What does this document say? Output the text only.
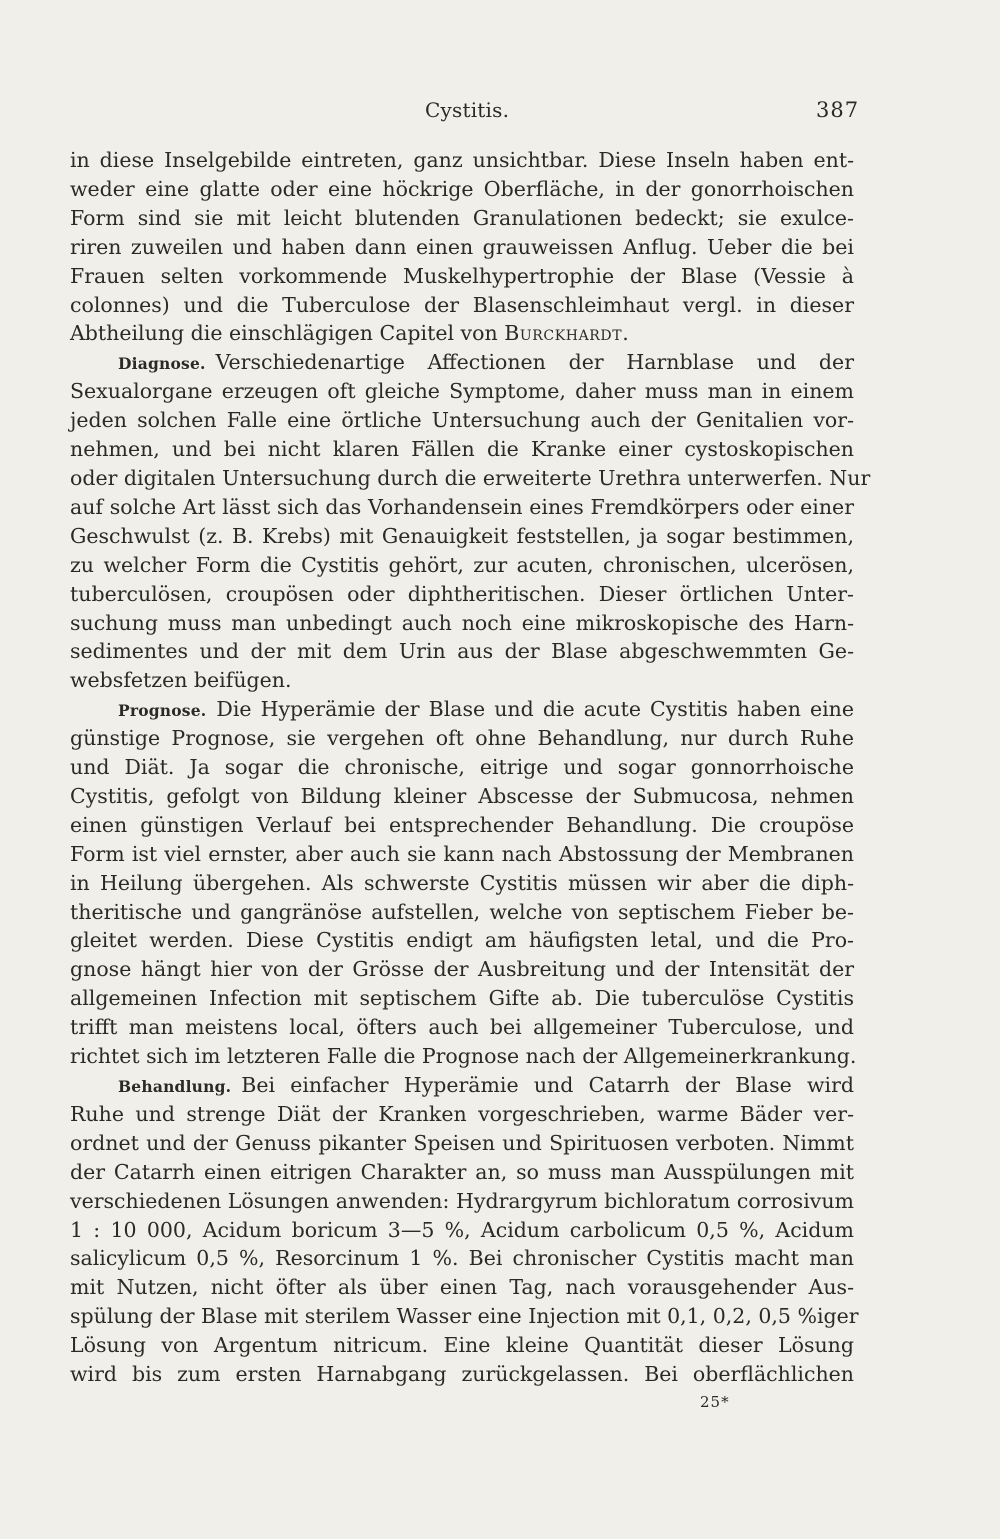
Cystitis.	387
in diese Inselgebilde eintreten, ganz unsichtbar. Diese Inseln haben ent-
weder eine glatte oder eine höckrige Oberfläche, in der gonorrhoischen
Form sind sie mit leicht blutenden Granulationen bedeckt; sie exulce-
riren zuweilen und haben dann einen grauweissen Anflug. Ueber die bei
Frauen selten vorkommende Muskelhypertrophie der Blase (Vessie à
colonnes) und die Tuberculose der Blasenschleimhaut vergl. in dieser
Abtheilung die einschlägigen Capitel von Burckhardt.
Diagnose. Verschiedenartige Affectionen der Harnblase und der
Sexualorgane erzeugen oft gleiche Symptome, daher muss man in einem
jeden solchen Falle eine örtliche Untersuchung auch der Genitalien vor-
nehmen, und bei nicht klaren Fällen die Kranke einer cystoskopischen
oder digitalen Untersuchung durch die erweiterte Urethra unterwerfen. Nur
auf solche Art lässt sich das Vorhandensein eines Fremdkörpers oder einer
Geschwulst (z. B. Krebs) mit Genauigkeit feststellen, ja sogar bestimmen,
zu welcher Form die Cystitis gehört, zur acuten, chronischen, ulcerösen,
tuberculösen, croupösen oder diphtheritischen. Dieser örtlichen Unter-
suchung muss man unbedingt auch noch eine mikroskopische des Harn-
sedimentes und der mit dem Urin aus der Blase abgeschwemmten Ge-
websfetzen beifügen.
Prognose. Die Hyperämie der Blase und die acute Cystitis haben eine
günstige Prognose, sie vergehen oft ohne Behandlung, nur durch Ruhe
und Diät. Ja sogar die chronische, eitrige und sogar gonnorrhoische
Cystitis, gefolgt von Bildung kleiner Abscesse der Submucosa, nehmen
einen günstigen Verlauf bei entsprechender Behandlung. Die croupöse
Form ist viel ernster, aber auch sie kann nach Abstossung der Membranen
in Heilung übergehen. Als schwerste Cystitis müssen wir aber die diph-
theritische und gangränöse aufstellen, welche von septischem Fieber be-
gleitet werden. Diese Cystitis endigt am häufigsten letal, und die Pro-
gnose hängt hier von der Grösse der Ausbreitung und der Intensität der
allgemeinen Infection mit septischem Gifte ab. Die tuberculöse Cystitis
trifft man meistens local, öfters auch bei allgemeiner Tuberculose, und
richtet sich im letzteren Falle die Prognose nach der Allgemeinerkrankung.
Behandlung. Bei einfacher Hyperämie und Catarrh der Blase wird
Ruhe und strenge Diät der Kranken vorgeschrieben, warme Bäder ver-
ordnet und der Genuss pikanter Speisen und Spirituosen verboten. Nimmt
der Catarrh einen eitrigen Charakter an, so muss man Ausspülungen mit
verschiedenen Lösungen anwenden: Hydrargyrum bichloratum corrosivum
1 : 10 000, Acidum boricum 3—5 %, Acidum carbolicum 0,5 %, Acidum
salicylicum 0,5 %, Resorcinum 1 %. Bei chronischer Cystitis macht man
mit Nutzen, nicht öfter als über einen Tag, nach vorausgehender Aus-
spülung der Blase mit sterilem Wasser eine Injection mit 0,1, 0,2, 0,5 %iger
Lösung von Argentum nitricum. Eine kleine Quantität dieser Lösung
wird bis zum ersten Harnabgang zurückgelassen. Bei oberflächlichen
25*
